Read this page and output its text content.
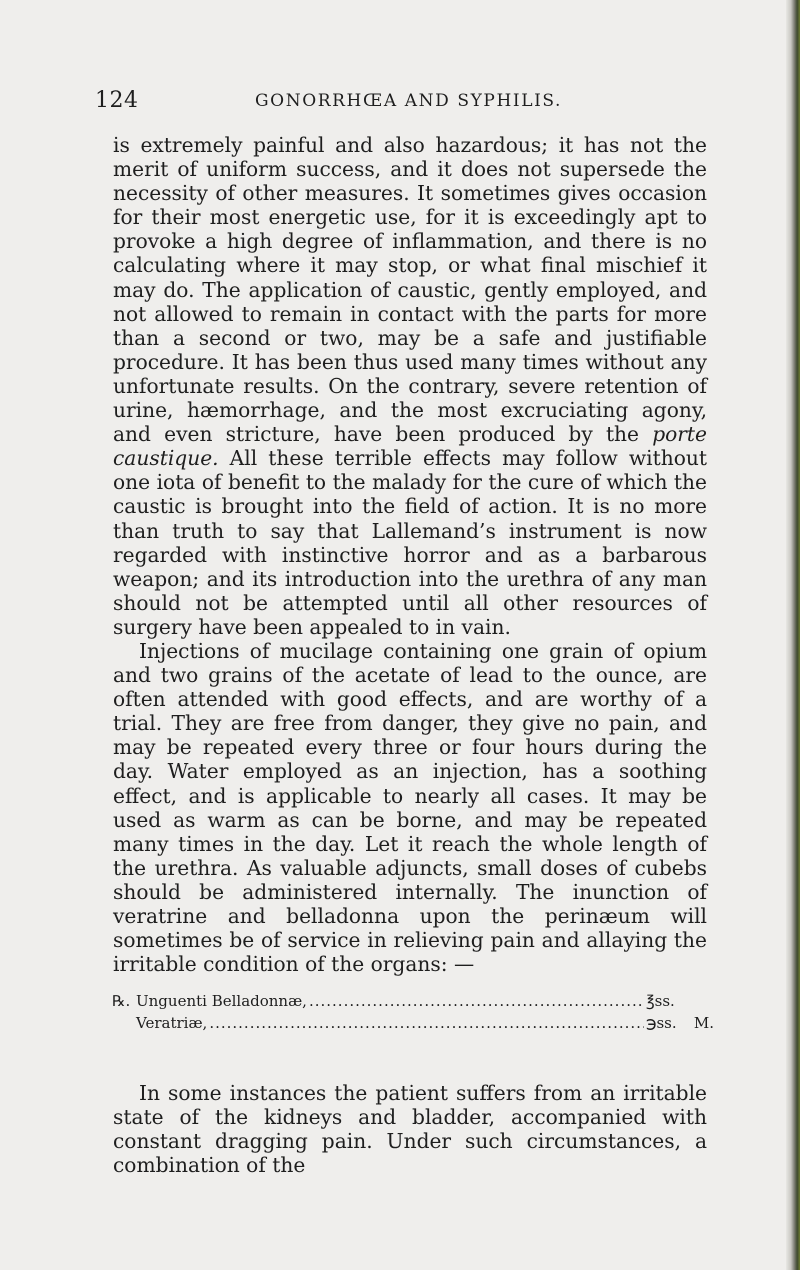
124	GONORRHŒA AND SYPHILIS.

is extremely painful and also hazardous; it has not the merit of uniform success, and it does not supersede the necessity of other measures. It sometimes gives occasion for their most energetic use, for it is exceedingly apt to provoke a high degree of inflammation, and there is no calculating where it may stop, or what final mischief it may do. The application of caustic, gently employed, and not allowed to remain in contact with the parts for more than a second or two, may be a safe and justifiable procedure. It has been thus used many times without any unfortunate results. On the contrary, severe retention of urine, hæmorrhage, and the most excruciating agony, and even stricture, have been produced by the porte caustique. All these terrible effects may follow without one iota of benefit to the malady for the cure of which the caustic is brought into the field of action. It is no more than truth to say that Lallemand’s instrument is now regarded with instinctive horror and as a barbarous weapon; and its introduction into the urethra of any man should not be attempted until all other resources of surgery have been appealed to in vain.

Injections of mucilage containing one grain of opium and two grains of the acetate of lead to the ounce, are often attended with good effects, and are worthy of a trial. They are free from danger, they give no pain, and may be repeated every three or four hours during the day. Water employed as an injection, has a soothing effect, and is applicable to nearly all cases. It may be used as warm as can be borne, and may be repeated many times in the day. Let it reach the whole length of the urethra. As valuable adjuncts, small doses of cubebs should be administered internally. The inunction of veratrine and belladonna upon the perinæum will sometimes be of service in relieving pain and allaying the irritable condition of the organs: —

℞. Unguenti Belladonnæ, .....	℥ss.
Veratriæ, .....	℈ss.	M.

In some instances the patient suffers from an irritable state of the kidneys and bladder, accompanied with constant dragging pain. Under such circumstances, a combination of the
